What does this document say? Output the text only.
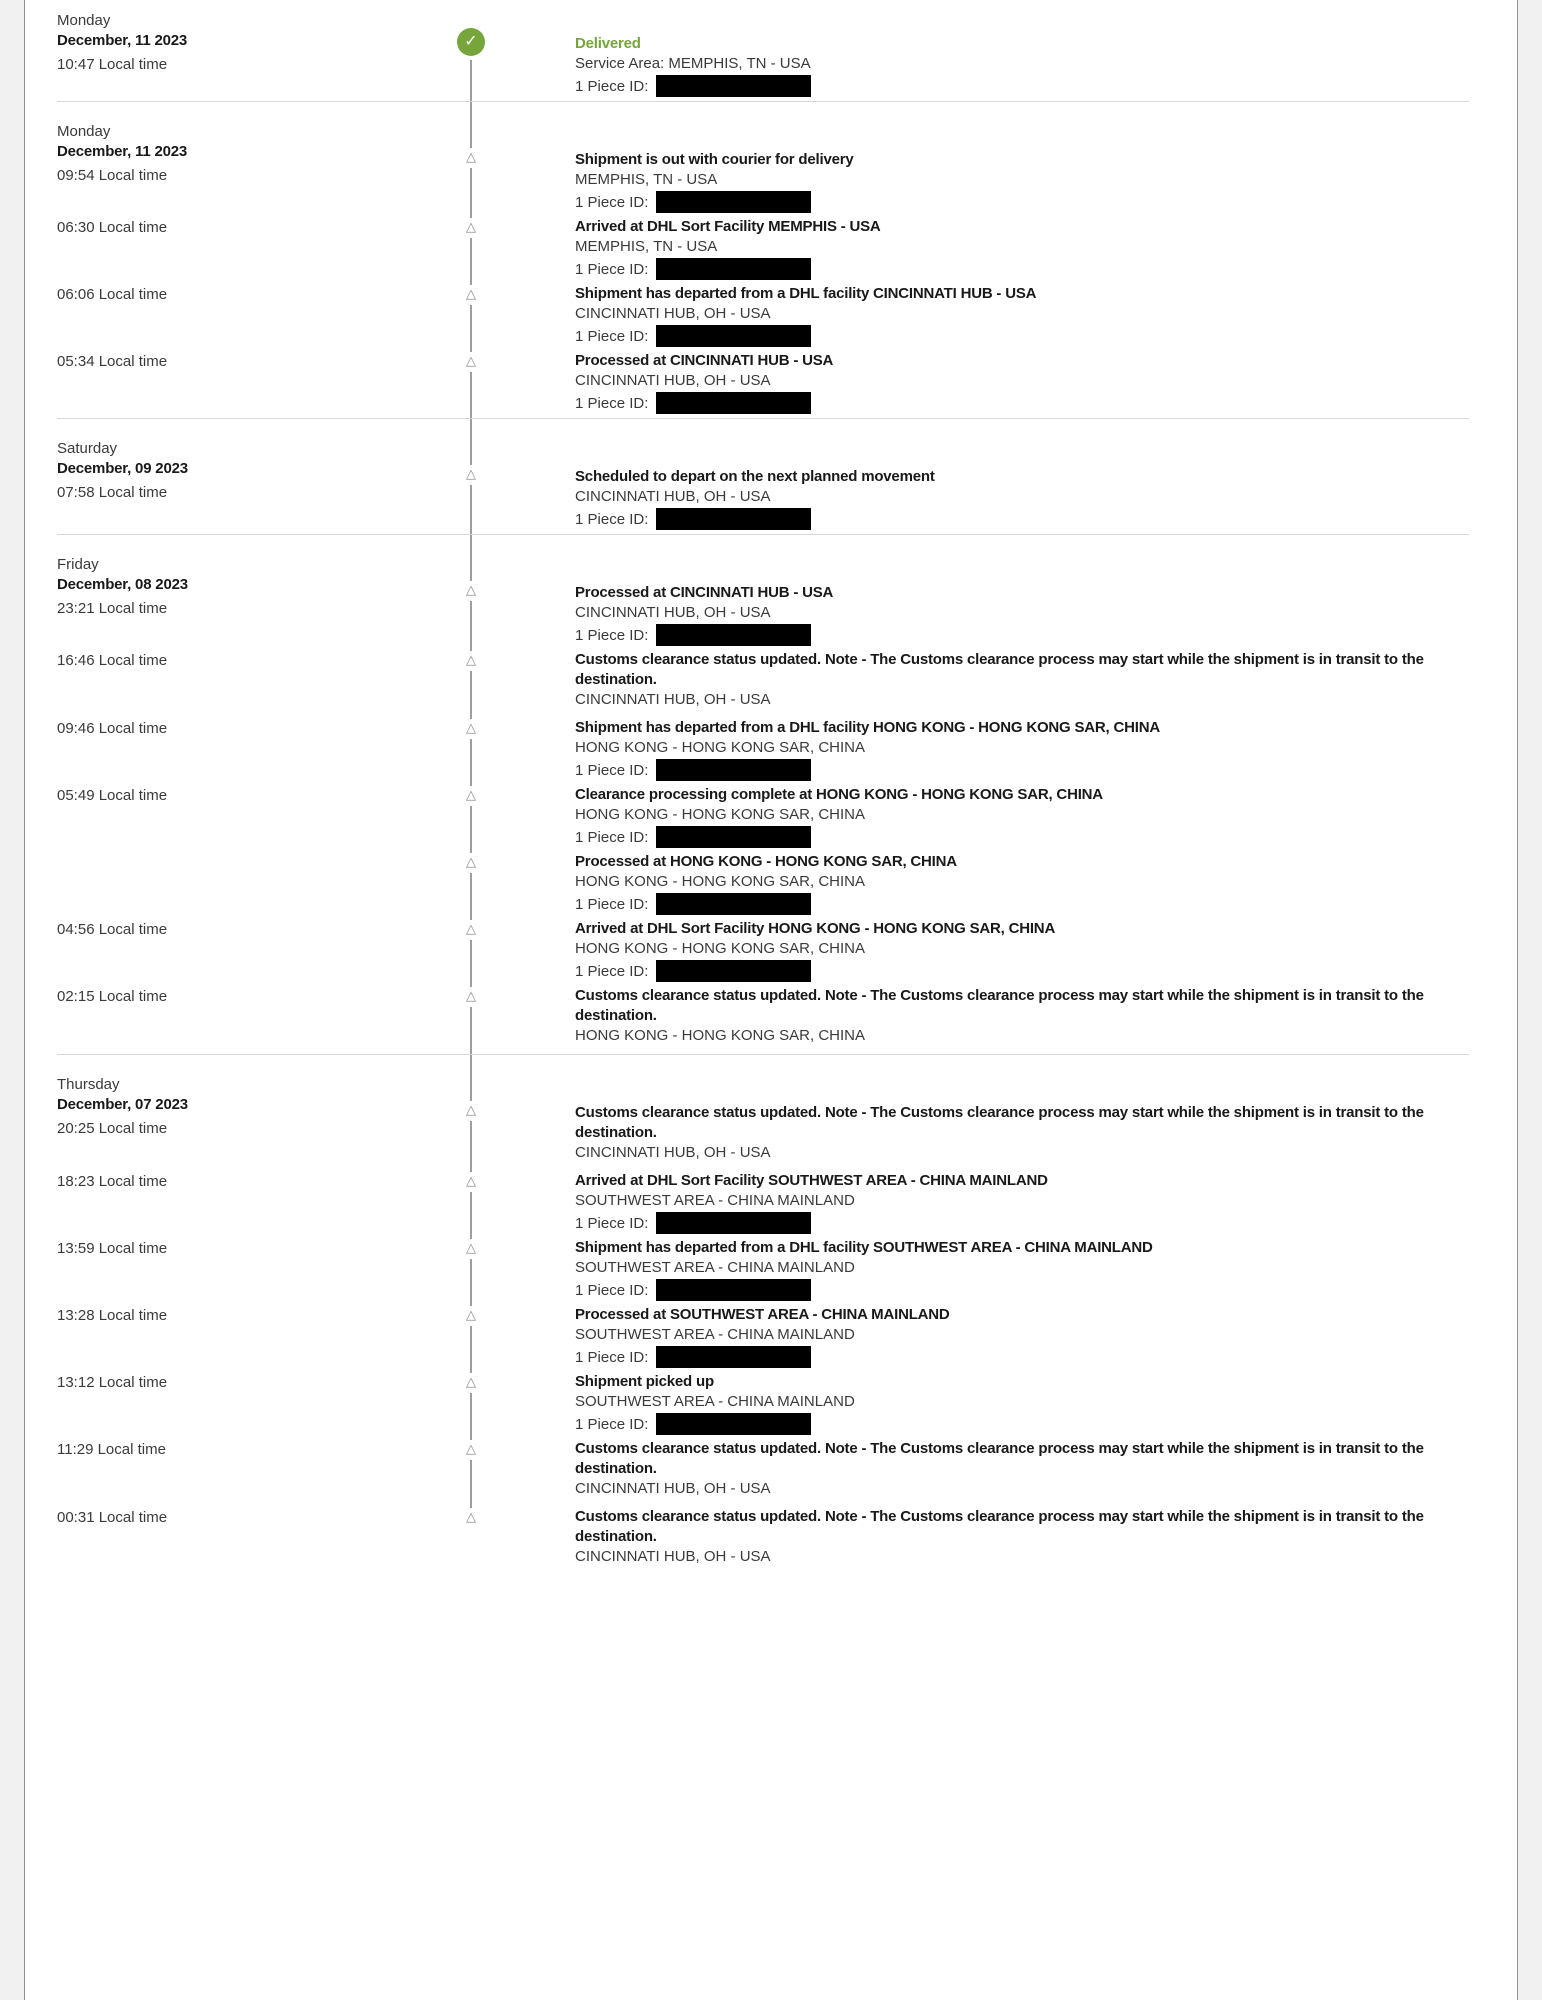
Monday
December, 11 2023
10:47 Local time
✓	Delivered
Service Area: MEMPHIS, TN - USA
1 Piece ID:
Monday
December, 11 2023
09:54 Local time
△	Shipment is out with courier for delivery
MEMPHIS, TN - USA
1 Piece ID:
06:30 Local time	△	Arrived at DHL Sort Facility MEMPHIS - USA
MEMPHIS, TN - USA
1 Piece ID:
06:06 Local time	△	Shipment has departed from a DHL facility CINCINNATI HUB - USA
CINCINNATI HUB, OH - USA
1 Piece ID:
05:34 Local time	△	Processed at CINCINNATI HUB - USA
CINCINNATI HUB, OH - USA
1 Piece ID:
Saturday
December, 09 2023
07:58 Local time
△	Scheduled to depart on the next planned movement
CINCINNATI HUB, OH - USA
1 Piece ID:
Friday
December, 08 2023
23:21 Local time
△	Processed at CINCINNATI HUB - USA
CINCINNATI HUB, OH - USA
1 Piece ID:
16:46 Local time	△	Customs clearance status updated. Note - The Customs clearance process may start while the shipment is in transit to the destination.
CINCINNATI HUB, OH - USA
09:46 Local time	△	Shipment has departed from a DHL facility HONG KONG - HONG KONG SAR, CHINA
HONG KONG - HONG KONG SAR, CHINA
1 Piece ID:
05:49 Local time	△	Clearance processing complete at HONG KONG - HONG KONG SAR, CHINA
HONG KONG - HONG KONG SAR, CHINA
1 Piece ID:
△	Processed at HONG KONG - HONG KONG SAR, CHINA
HONG KONG - HONG KONG SAR, CHINA
1 Piece ID:
04:56 Local time	△	Arrived at DHL Sort Facility HONG KONG - HONG KONG SAR, CHINA
HONG KONG - HONG KONG SAR, CHINA
1 Piece ID:
02:15 Local time	△	Customs clearance status updated. Note - The Customs clearance process may start while the shipment is in transit to the destination.
HONG KONG - HONG KONG SAR, CHINA
Thursday
December, 07 2023
20:25 Local time
△	Customs clearance status updated. Note - The Customs clearance process may start while the shipment is in transit to the destination.
CINCINNATI HUB, OH - USA
18:23 Local time	△	Arrived at DHL Sort Facility SOUTHWEST AREA - CHINA MAINLAND
SOUTHWEST AREA - CHINA MAINLAND
1 Piece ID:
13:59 Local time	△	Shipment has departed from a DHL facility SOUTHWEST AREA - CHINA MAINLAND
SOUTHWEST AREA - CHINA MAINLAND
1 Piece ID:
13:28 Local time	△	Processed at SOUTHWEST AREA - CHINA MAINLAND
SOUTHWEST AREA - CHINA MAINLAND
1 Piece ID:
13:12 Local time	△	Shipment picked up
SOUTHWEST AREA - CHINA MAINLAND
1 Piece ID:
11:29 Local time	△	Customs clearance status updated. Note - The Customs clearance process may start while the shipment is in transit to the destination.
CINCINNATI HUB, OH - USA
00:31 Local time	△	Customs clearance status updated. Note - The Customs clearance process may start while the shipment is in transit to the destination.
CINCINNATI HUB, OH - USA
